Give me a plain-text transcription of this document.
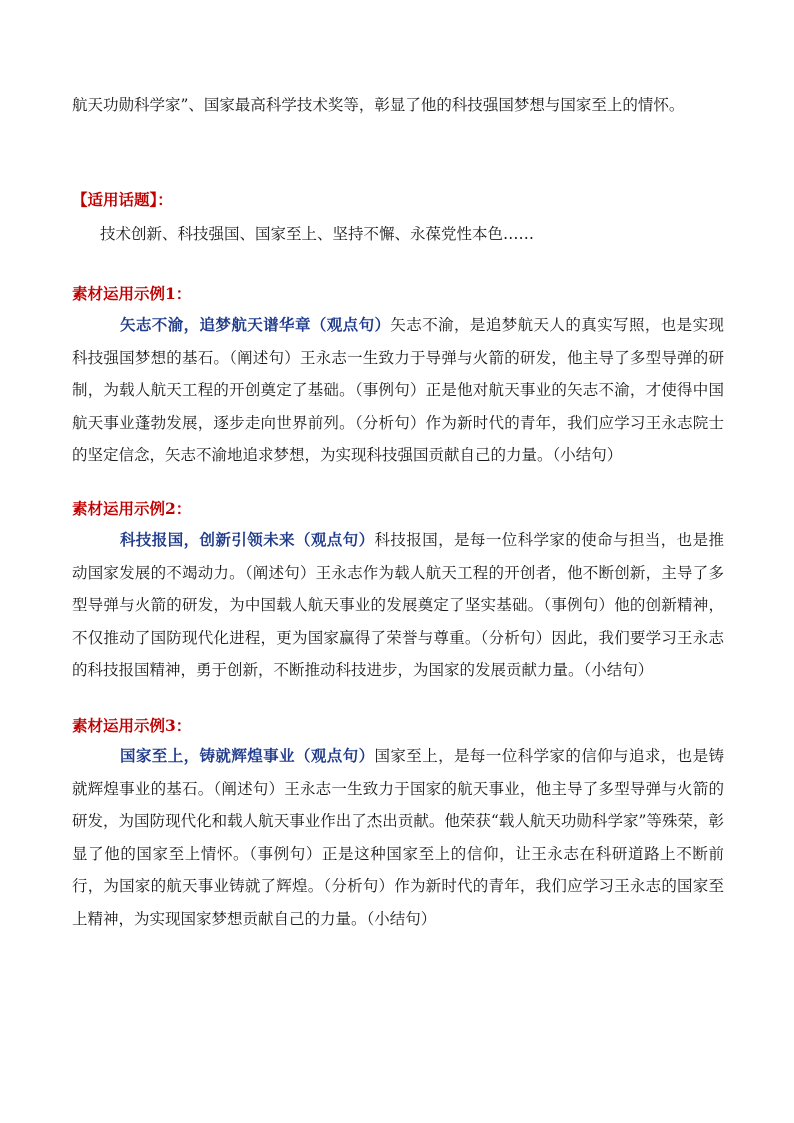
航天功勋科学家”、国家最高科学技术奖等，彰显了他的科技强国梦想与国家至上的情怀。

【适用话题】：
技术创新、科技强国、国家至上、坚持不懈、永葆党性本色……
素材运用示例1：

矢志不渝，追梦航天谱华章（观点句）矢志不渝，是追梦航天人的真实写照，也是实现科技强国梦想的基石。（阐述句）王永志一生致力于导弹与火箭的研发，他主导了多型导弹的研制，为载人航天工程的开创奠定了基础。（事例句）正是他对航天事业的矢志不渝，才使得中国航天事业蓬勃发展，逐步走向世界前列。（分析句）作为新时代的青年，我们应学习王永志院士的坚定信念，矢志不渝地追求梦想，为实现科技强国贡献自己的力量。（小结句）

素材运用示例2：

科技报国，创新引领未来（观点句）科技报国，是每一位科学家的使命与担当，也是推动国家发展的不竭动力。（阐述句）王永志作为载人航天工程的开创者，他不断创新，主导了多型导弹与火箭的研发，为中国载人航天事业的发展奠定了坚实基础。（事例句）他的创新精神，不仅推动了国防现代化进程，更为国家赢得了荣誉与尊重。（分析句）因此，我们要学习王永志的科技报国精神，勇于创新，不断推动科技进步，为国家的发展贡献力量。（小结句）

素材运用示例3：

国家至上，铸就辉煌事业（观点句）国家至上，是每一位科学家的信仰与追求，也是铸就辉煌事业的基石。（阐述句）王永志一生致力于国家的航天事业，他主导了多型导弹与火箭的研发，为国防现代化和载人航天事业作出了杰出贡献。他荣获“载人航天功勋科学家”等殊荣，彰显了他的国家至上情怀。（事例句）正是这种国家至上的信仰，让王永志在科研道路上不断前行，为国家的航天事业铸就了辉煌。（分析句）作为新时代的青年，我们应学习王永志的国家至上精神，为实现国家梦想贡献自己的力量。（小结句）
